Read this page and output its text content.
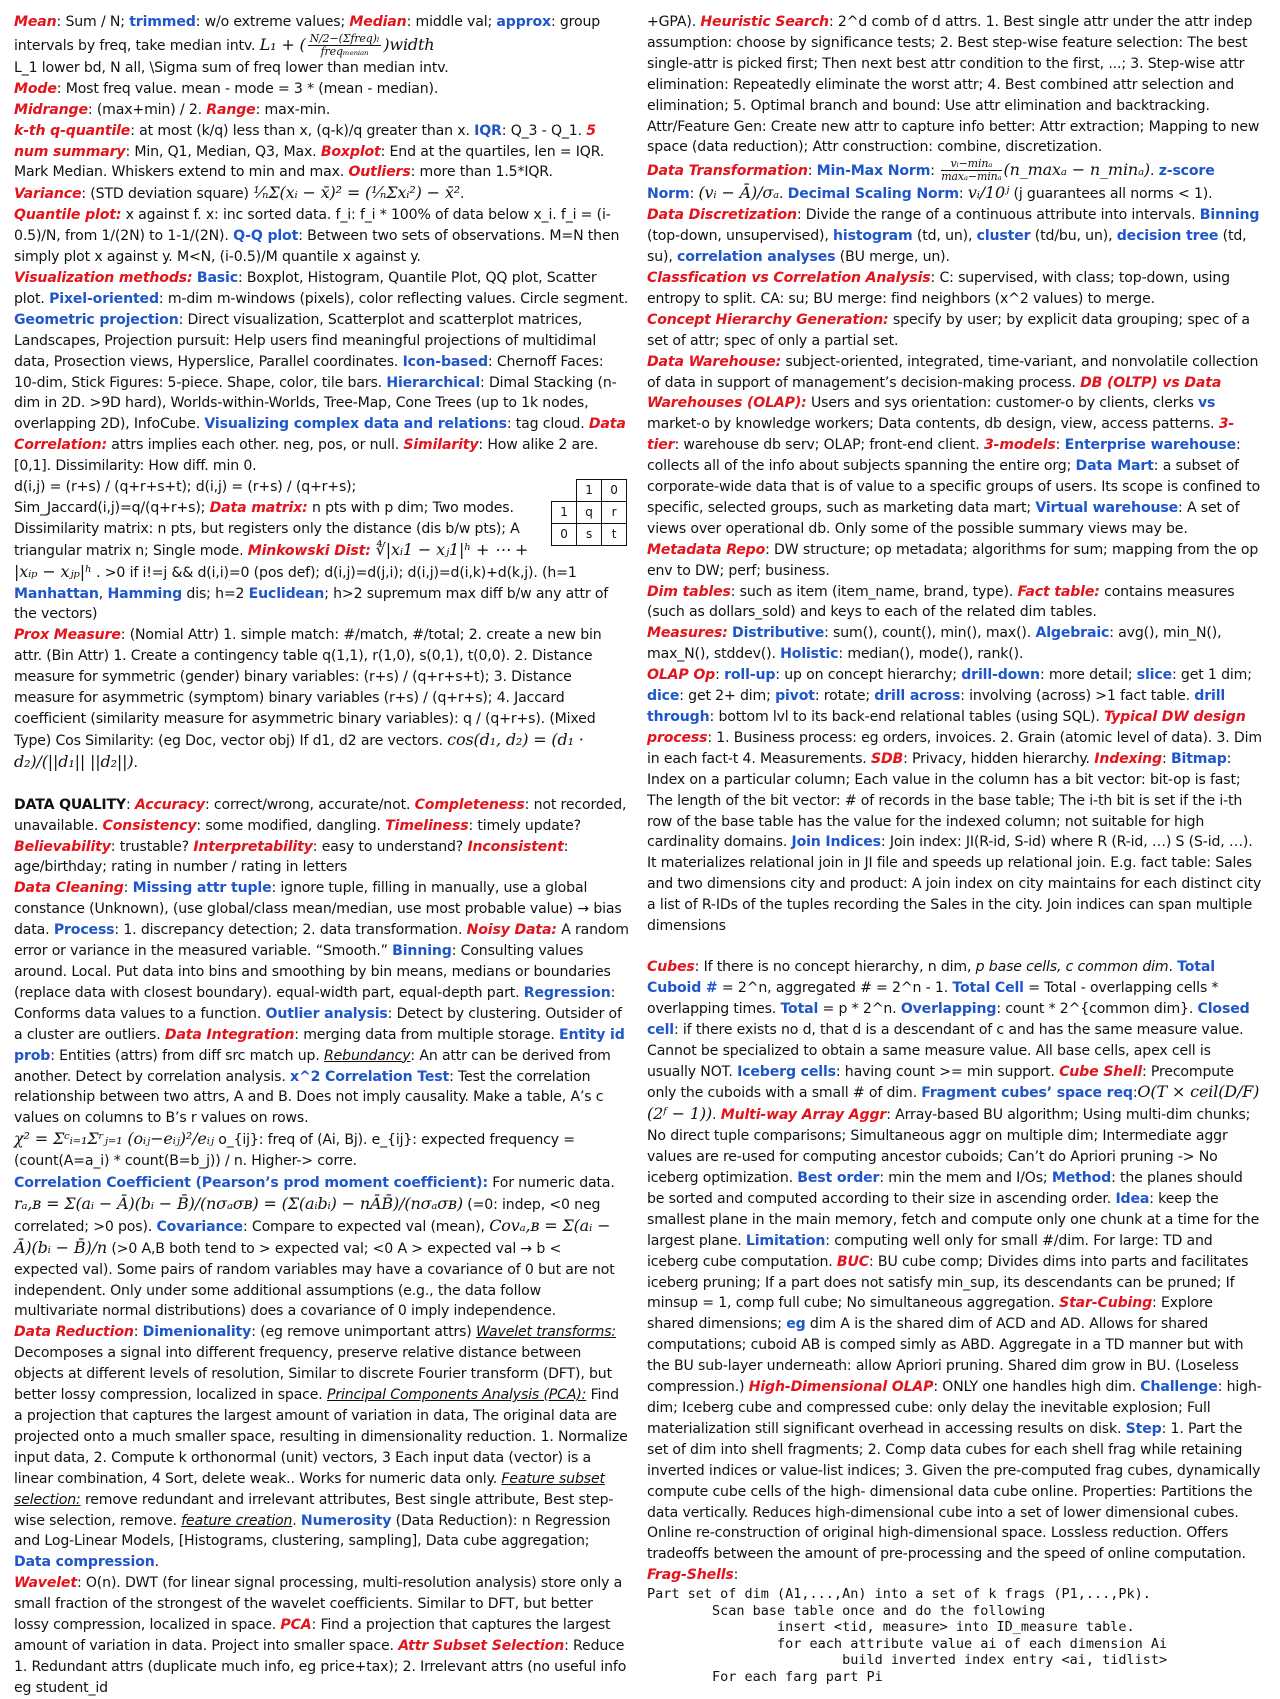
Mean: Sum / N; trimmed: w/o extreme values; Median: middle val; approx: group intervals by freq, take median intv. L₁ + ( $\frac{\text{N/2−(Σfreq)ₗ}}{\text{freqₘₑₙᵢₐₙ}}$ )width
L_1 lower bd, N all, \Sigma sum of freq lower than median intv.

Mode: Most freq value. mean - mode = 3 * (mean - median).

Midrange: (max+min) / 2. Range: max-min.

k-th q-quantile: at most (k/q) less than x, (q-k)/q greater than x. IQR: Q_3 - Q_1. 5 num summary: Min, Q1, Median, Q3, Max. Boxplot: End at the quartiles, len = IQR. Mark Median. Whiskers extend to min and max. Outliers: more than 1.5*IQR.

Variance: (STD deviation square) ¹⁄ₙΣ(xᵢ − x̄)² = (¹⁄ₙΣxᵢ²) − x̄².

Quantile plot: x against f. x: inc sorted data. f_i: f_i * 100% of data below x_i. f_i = (i-0.5)/N, from 1/(2N) to 1-1/(2N). Q-Q plot: Between two sets of observations. M=N then simply plot x against y. M<N, (i-0.5)/M quantile x against y.

Visualization methods: Basic: Boxplot, Histogram, Quantile Plot, QQ plot, Scatter plot. Pixel-oriented: m-dim m-windows (pixels), color reflecting values. Circle segment. Geometric projection: Direct visualization, Scatterplot and scatterplot matrices, Landscapes, Projection pursuit: Help users find meaningful projections of multidimal data, Prosection views, Hyperslice, Parallel coordinates. Icon-based: Chernoff Faces: 10-dim, Stick Figures: 5-piece. Shape, color, tile bars. Hierarchical: Dimal Stacking (n-dim in 2D. >9D hard), Worlds-within-Worlds, Tree-Map, Cone Trees (up to 1k nodes, overlapping 2D), InfoCube. Visualizing complex data and relations: tag cloud. Data Correlation: attrs implies each other. neg, pos, or null. Similarity: How alike 2 are. [0,1]. Dissimilarity: How diff. min 0.

	1	0
1	q	r
0	s	t
d(i,j) = (r+s) / (q+r+s+t); d(i,j) = (r+s) / (q+r+s); Sim_Jaccard(i,j)=q/(q+r+s); Data matrix: n pts with p dim; Two modes. Dissimilarity matrix: n pts, but registers only the distance (dis b/w pts); A triangular matrix n; Single mode. Minkowski Dist: ∜|xᵢ1 − xⱼ1|ʰ + ⋯ + |xᵢₚ − xⱼₚ|ʰ . >0 if i!=j && d(i,i)=0 (pos def); d(i,j)=d(j,i); d(i,j)=d(i,k)+d(k,j). (h=1 Manhattan, Hamming dis; h=2 Euclidean; h>2 supremum max diff b/w any attr of the vectors)

Prox Measure: (Nomial Attr) 1. simple match: #/match, #/total; 2. create a new bin attr. (Bin Attr) 1. Create a contingency table q(1,1), r(1,0), s(0,1), t(0,0). 2. Distance measure for symmetric (gender) binary variables: (r+s) / (q+r+s+t); 3. Distance measure for asymmetric (symptom) binary variables (r+s) / (q+r+s); 4. Jaccard coefficient (similarity measure for asymmetric binary variables): q / (q+r+s). (Mixed Type) Cos Similarity: (eg Doc, vector obj) If d1, d2 are vectors. cos(d₁, d₂) = (d₁ · d₂)/(||d₁|| ||d₂||).

DATA QUALITY: Accuracy: correct/wrong, accurate/not. Completeness: not recorded, unavailable. Consistency: some modified, dangling. Timeliness: timely update? Believability: trustable? Interpretability: easy to understand? Inconsistent: age/birthday; rating in number / rating in letters

Data Cleaning: Missing attr tuple: ignore tuple, filling in manually, use a global constance (Unknown), (use global/class mean/median, use most probable value) → bias data. Process: 1. discrepancy detection; 2. data transformation. Noisy Data: A random error or variance in the measured variable. “Smooth.” Binning: Consulting values around. Local. Put data into bins and smoothing by bin means, medians or boundaries (replace data with closest boundary). equal-width part, equal-depth part. Regression: Conforms data values to a function. Outlier analysis: Detect by clustering. Outsider of a cluster are outliers. Data Integration: merging data from multiple storage. Entity id prob: Entities (attrs) from diff src match up. Rebundancy: An attr can be derived from another. Detect by correlation analysis. x^2 Correlation Test: Test the correlation relationship between two attrs, A and B. Does not imply causality. Make a table, A’s c values on columns to B’s r values on rows.

χ² = Σᶜᵢ₌₁Σʳⱼ₌₁ (oᵢⱼ−eᵢⱼ)²/eᵢⱼ o_{ij}: freq of (Ai, Bj). e_{ij}: expected frequency =(count(A=a_i) * count(B=b_j)) / n. Higher-> corre.

Correlation Coefficient (Pearson’s prod moment coefficient): For numeric data. rₐ,ʙ = Σ(aᵢ − Ā)(bᵢ − B̄)/(nσₐσʙ) = (Σ(aᵢbᵢ) − nĀB̄)/(nσₐσʙ) (=0: indep, <0 neg correlated; >0 pos). Covariance: Compare to expected val (mean), Covₐ,ʙ = Σ(aᵢ − Ā)(bᵢ − B̄)/n (>0 A,B both tend to > expected val; <0 A > expected val → b < expected val). Some pairs of random variables may have a covariance of 0 but are not independent. Only under some additional assumptions (e.g., the data follow multivariate normal distributions) does a covariance of 0 imply independence.

Data Reduction: Dimenionality: (eg remove unimportant attrs) Wavelet transforms: Decomposes a signal into different frequency, preserve relative distance between objects at different levels of resolution, Similar to discrete Fourier transform (DFT), but better lossy compression, localized in space. Principal Components Analysis (PCA): Find a projection that captures the largest amount of variation in data, The original data are projected onto a much smaller space, resulting in dimensionality reduction. 1. Normalize input data, 2. Compute k orthonormal (unit) vectors, 3 Each input data (vector) is a linear combination, 4 Sort, delete weak.. Works for numeric data only. Feature subset selection: remove redundant and irrelevant attributes, Best single attribute, Best step-wise selection, remove. feature creation. Numerosity (Data Reduction): n Regression and Log-Linear Models, [Histograms, clustering, sampling], Data cube aggregation; Data compression.

Wavelet: O(n). DWT (for linear signal processing, multi-resolution analysis) store only a small fraction of the strongest of the wavelet coefficients. Similar to DFT, but better lossy compression, localized in space. PCA: Find a projection that captures the largest amount of variation in data. Project into smaller space. Attr Subset Selection: Reduce 1. Redundant attrs (duplicate much info, eg price+tax); 2. Irrelevant attrs (no useful info eg student_id

+GPA). Heuristic Search: 2^d comb of d attrs. 1. Best single attr under the attr indep assumption: choose by significance tests; 2. Best step-wise feature selection: The best single-attr is picked first; Then next best attr condition to the first, ...; 3. Step-wise attr elimination: Repeatedly eliminate the worst attr; 4. Best combined attr selection and elimination; 5. Optimal branch and bound: Use attr elimination and backtracking. Attr/Feature Gen: Create new attr to capture info better: Attr extraction; Mapping to new space (data reduction); Attr construction: combine, discretization.

Data Transformation: Min-Max Norm: $\frac{\text{vᵢ−minₐ}}{\text{maxₐ−minₐ}}$ (n_maxₐ − n_minₐ). z-score Norm: (vᵢ − Ā)/σₐ. Decimal Scaling Norm: vᵢ/10ʲ (j guarantees all norms < 1).

Data Discretization: Divide the range of a continuous attribute into intervals. Binning (top-down, unsupervised), histogram (td, un), cluster (td/bu, un), decision tree (td, su), correlation analyses (BU merge, un).

Classfication vs Correlation Analysis: C: supervised, with class; top-down, using entropy to split. CA: su; BU merge: find neighbors (x^2 values) to merge.

Concept Hierarchy Generation: specify by user; by explicit data grouping; spec of a set of attr; spec of only a partial set.

Data Warehouse: subject-oriented, integrated, time-variant, and nonvolatile collection of data in support of management’s decision-making process. DB (OLTP) vs Data Warehouses (OLAP): Users and sys orientation: customer-o by clients, clerks vs market-o by knowledge workers; Data contents, db design, view, access patterns. 3-tier: warehouse db serv; OLAP; front-end client. 3-models: Enterprise warehouse: collects all of the info about subjects spanning the entire org; Data Mart: a subset of corporate-wide data that is of value to a specific groups of users. Its scope is confined to specific, selected groups, such as marketing data mart; Virtual warehouse: A set of views over operational db. Only some of the possible summary views may be. Metadata Repo: DW structure; op metadata; algorithms for sum; mapping from the op env to DW; perf; business.

Dim tables: such as item (item_name, brand, type). Fact table: contains measures (such as dollars_sold) and keys to each of the related dim tables.

Measures: Distributive: sum(), count(), min(), max(). Algebraic: avg(), min_N(), max_N(), stddev(). Holistic: median(), mode(), rank().

OLAP Op: roll-up: up on concept hierarchy; drill-down: more detail; slice: get 1 dim; dice: get 2+ dim; pivot: rotate; drill across: involving (across) >1 fact table. drill through: bottom lvl to its back-end relational tables (using SQL). Typical DW design process: 1. Business process: eg orders, invoices. 2. Grain (atomic level of data). 3. Dim in each fact-t 4. Measurements. SDB: Privacy, hidden hierarchy. Indexing: Bitmap: Index on a particular column; Each value in the column has a bit vector: bit-op is fast; The length of the bit vector: # of records in the base table; The i-th bit is set if the i-th row of the base table has the value for the indexed column; not suitable for high cardinality domains. Join Indices: Join index: JI(R-id, S-id) where R (R-id, …) S (S-id, …). It materializes relational join in JI file and speeds up relational join. E.g. fact table: Sales and two dimensions city and product: A join index on city maintains for each distinct city a list of R-IDs of the tuples recording the Sales in the city. Join indices can span multiple dimensions

Cubes: If there is no concept hierarchy, n dim, p base cells, c common dim. Total Cuboid # = 2^n, aggregated # = 2^n - 1. Total Cell = Total - overlapping cells * overlapping times. Total = p * 2^n. Overlapping: count * 2^{common dim}. Closed cell: if there exists no d, that d is a descendant of c and has the same measure value. Cannot be specialized to obtain a same measure value. All base cells, apex cell is usually NOT. Iceberg cells: having count >= min support. Cube Shell: Precompute only the cuboids with a small # of dim. Fragment cubes’ space req:O(T × ceil(D/F)(2ᶠ − 1)). Multi-way Array Aggr: Array-based BU algorithm; Using multi-dim chunks; No direct tuple comparisons; Simultaneous aggr on multiple dim; Intermediate aggr values are re-used for computing ancestor cuboids; Can’t do Apriori pruning -> No iceberg optimization. Best order: min the mem and I/Os; Method: the planes should be sorted and computed according to their size in ascending order. Idea: keep the smallest plane in the main memory, fetch and compute only one chunk at a time for the largest plane. Limitation: computing well only for small #/dim. For large: TD and iceberg cube computation. BUC: BU cube comp; Divides dims into parts and facilitates iceberg pruning; If a part does not satisfy min_sup, its descendants can be pruned; If minsup = 1, comp full cube; No simultaneous aggregation. Star-Cubing: Explore shared dimensions; eg dim A is the shared dim of ACD and AD. Allows for shared computations; cuboid AB is comped simly as ABD. Aggregate in a TD manner but with the BU sub-layer underneath: allow Apriori pruning. Shared dim grow in BU. (Loseless compression.) High-Dimensional OLAP: ONLY one handles high dim. Challenge: high-dim; Iceberg cube and compressed cube: only delay the inevitable explosion; Full materialization still significant overhead in accessing results on disk. Step: 1. Part the set of dim into shell fragments; 2. Comp data cubes for each shell frag while retaining inverted indices or value-list indices; 3. Given the pre-computed frag cubes, dynamically compute cube cells of the high- dimensional data cube online. Properties: Partitions the data vertically. Reduces high-dimensional cube into a set of lower dimensional cubes. Online re-construction of original high-dimensional space. Lossless reduction. Offers tradeoffs between the amount of pre-processing and the speed of online computation. Frag-Shells:

Part set of dim (A1,...,An) into a set of k frags (P1,...,Pk).
Scan base table once and do the following
insert <tid, measure> into ID_measure table.
for each attribute value ai of each dimension Ai
build inverted index entry <ai, tidlist>
For each farg part Pi
